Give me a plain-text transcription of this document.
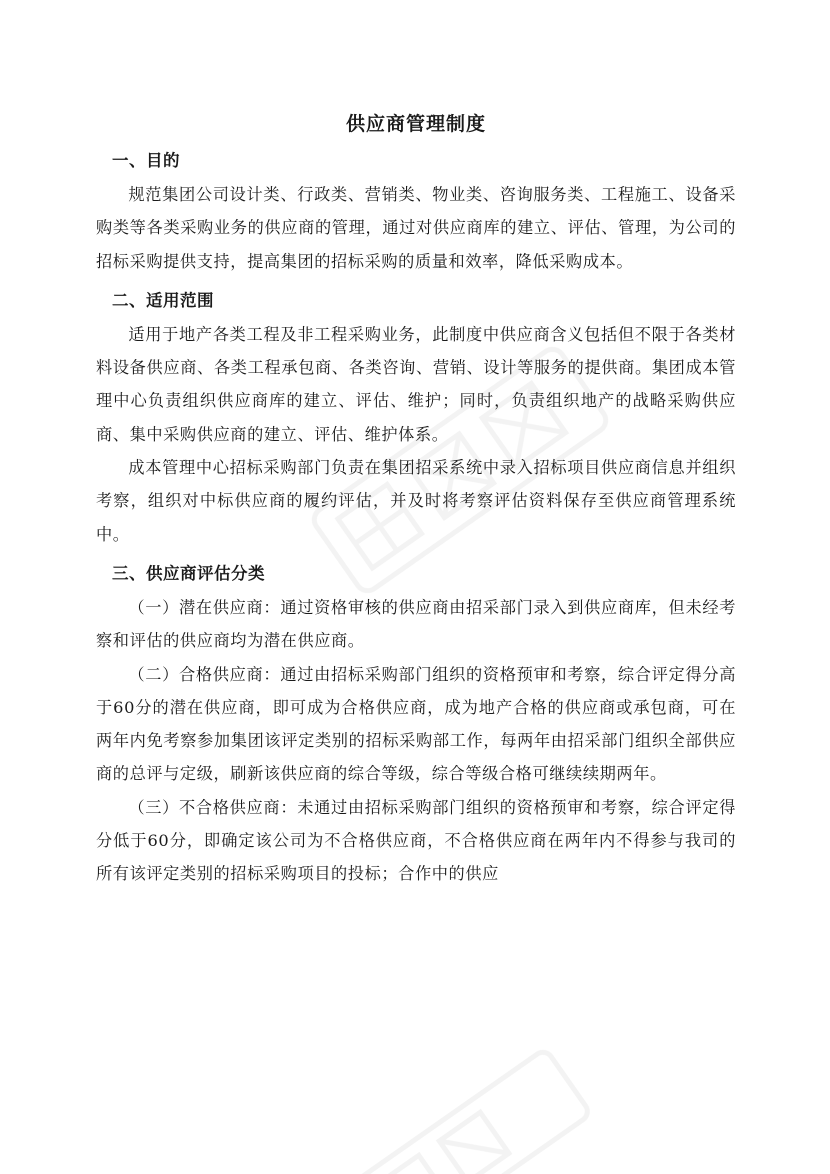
供应商管理制度
一、目的

规范集团公司设计类、行政类、营销类、物业类、咨询服务类、工程施工、设备采购类等各类采购业务的供应商的管理，通过对供应商库的建立、评估、管理，为公司的招标采购提供支持，提高集团的招标采购的质量和效率，降低采购成本。

二、适用范围

适用于地产各类工程及非工程采购业务，此制度中供应商含义包括但不限于各类材料设备供应商、各类工程承包商、各类咨询、营销、设计等服务的提供商。集团成本管理中心负责组织供应商库的建立、评估、维护；同时，负责组织地产的战略采购供应商、集中采购供应商的建立、评估、维护体系。

成本管理中心招标采购部门负责在集团招采系统中录入招标项目供应商信息并组织考察，组织对中标供应商的履约评估，并及时将考察评估资料保存至供应商管理系统中。

三、供应商评估分类

（一）潜在供应商：通过资格审核的供应商由招采部门录入到供应商库，但未经考察和评估的供应商均为潜在供应商。

（二）合格供应商：通过由招标采购部门组织的资格预审和考察，综合评定得分高于60分的潜在供应商，即可成为合格供应商，成为地产合格的供应商或承包商，可在两年内免考察参加集团该评定类别的招标采购部工作，每两年由招采部门组织全部供应商的总评与定级，刷新该供应商的综合等级，综合等级合格可继续续期两年。

（三）不合格供应商：未通过由招标采购部门组织的资格预审和考察，综合评定得分低于60分，即确定该公司为不合格供应商，不合格供应商在两年内不得参与我司的所有该评定类别的招标采购项目的投标；合作中的供应
